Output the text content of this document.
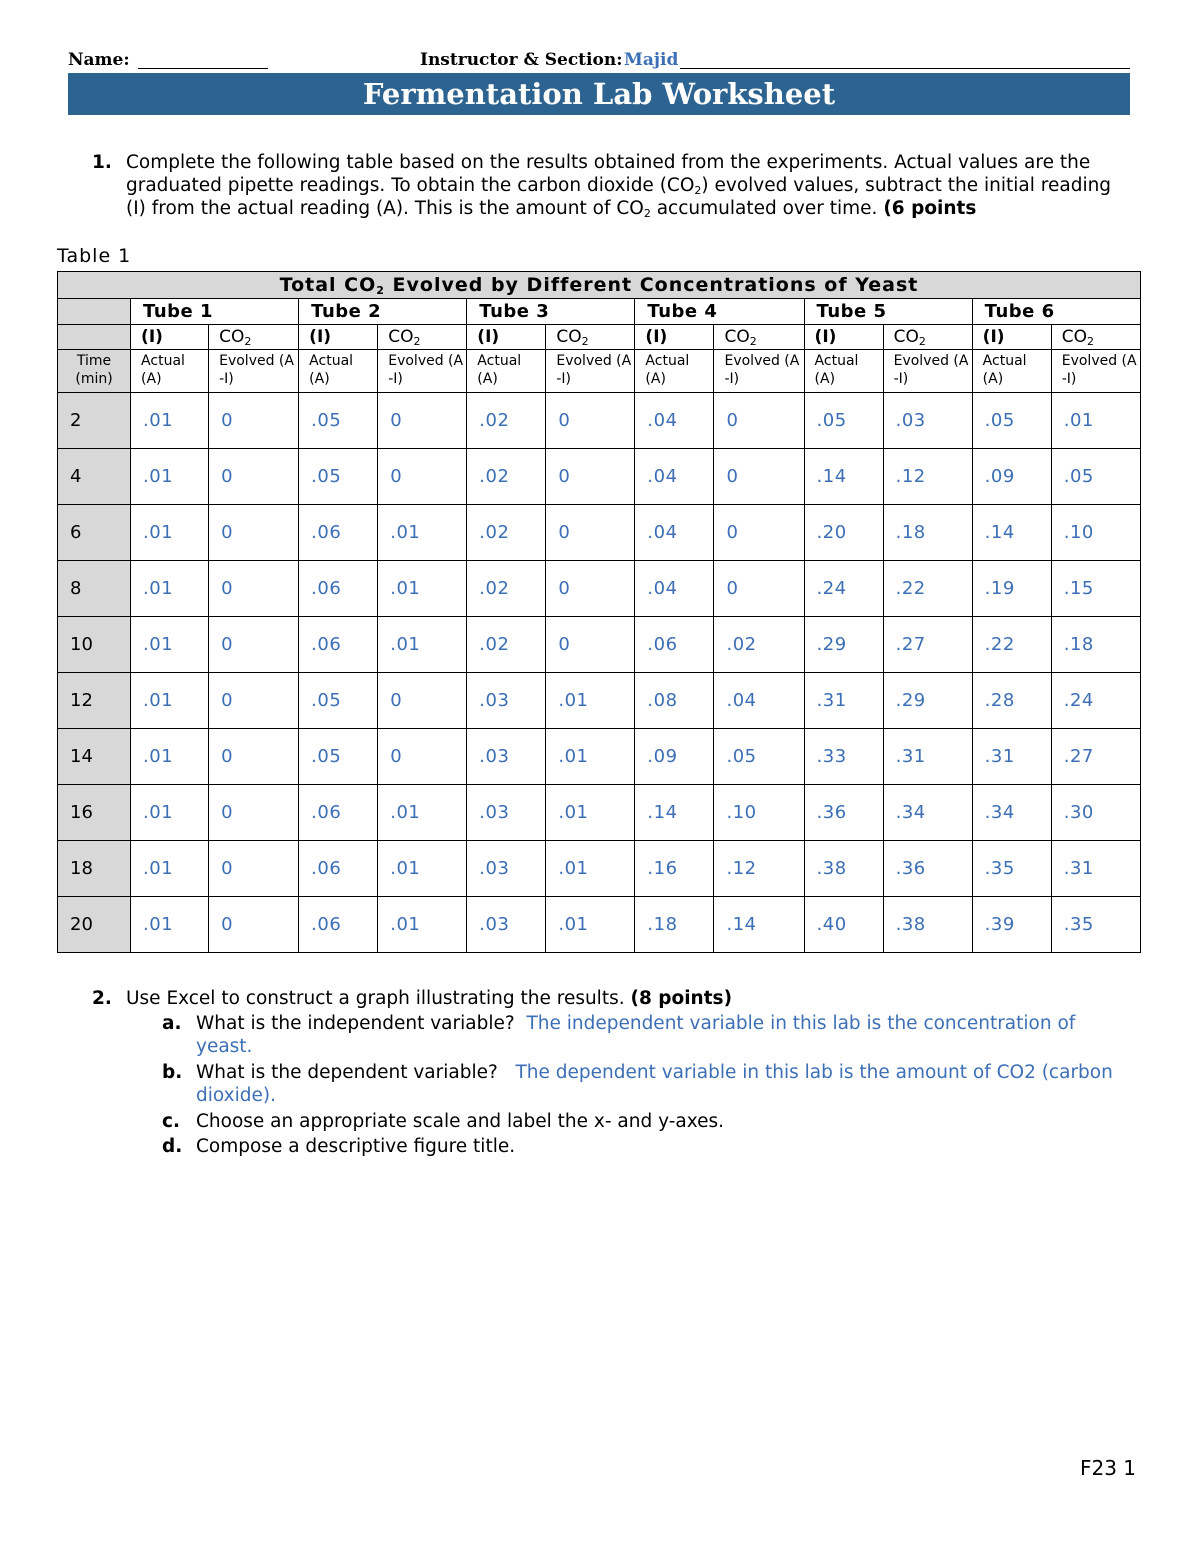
Name:	Instructor & Section: Majid
Fermentation Lab Worksheet
1. Complete the following table based on the results obtained from the experiments. Actual values are the graduated pipette readings. To obtain the carbon dioxide $(CO_2)$ evolved values, subtract the initial reading (I) from the actual reading (A). This is the amount of $CO_2$ accumulated over time. (6 points
Table 1
Total $CO_2$ Evolved by Different Concentrations of Yeast												
	Tube 1		Tube 2		Tube 3		Tube 4		Tube 5		Tube 6	
	(I)	$CO_2$	(I)	$CO_2$	(I)	$CO_2$	(I)	$CO_2$	(I)	$CO_2$	(I)	$CO_2$
Time (min)	Actual (A)	Evolved (A-I)	Actual (A)	Evolved (A-I)	Actual (A)	Evolved (A-I)	Actual (A)	Evolved (A-I)	Actual (A)	Evolved (A-I)	Actual (A)	Evolved (A-I)
2	.01	0	.05	0	.02	0	.04	0	.05	.03	.05	.01
4	.01	0	.05	0	.02	0	.04	0	.14	.12	.09	.05
6	.01	0	.06	.01	.02	0	.04	0	.20	.18	.14	.10
8	.01	0	.06	.01	.02	0	.04	0	.24	.22	.19	.15
10	.01	0	.06	.01	.02	0	.06	.02	.29	.27	.22	.18
12	.01	0	.05	0	.03	.01	.08	.04	.31	.29	.28	.24
14	.01	0	.05	0	.03	.01	.09	.05	.33	.31	.31	.27
16	.01	0	.06	.01	.03	.01	.14	.10	.36	.34	.34	.30
18	.01	0	.06	.01	.03	.01	.16	.12	.38	.36	.35	.31
20	.01	0	.06	.01	.03	.01	.18	.14	.40	.38	.39	.35
2. Use Excel to construct a graph illustrating the results. (8 points)
a. What is the independent variable? The independent variable in this lab is the concentration of yeast.
b. What is the dependent variable? The dependent variable in this lab is the amount of CO2 (carbon dioxide).
c. Choose an appropriate scale and label the x- and y-axes.
d. Compose a descriptive figure title.
F23 1
